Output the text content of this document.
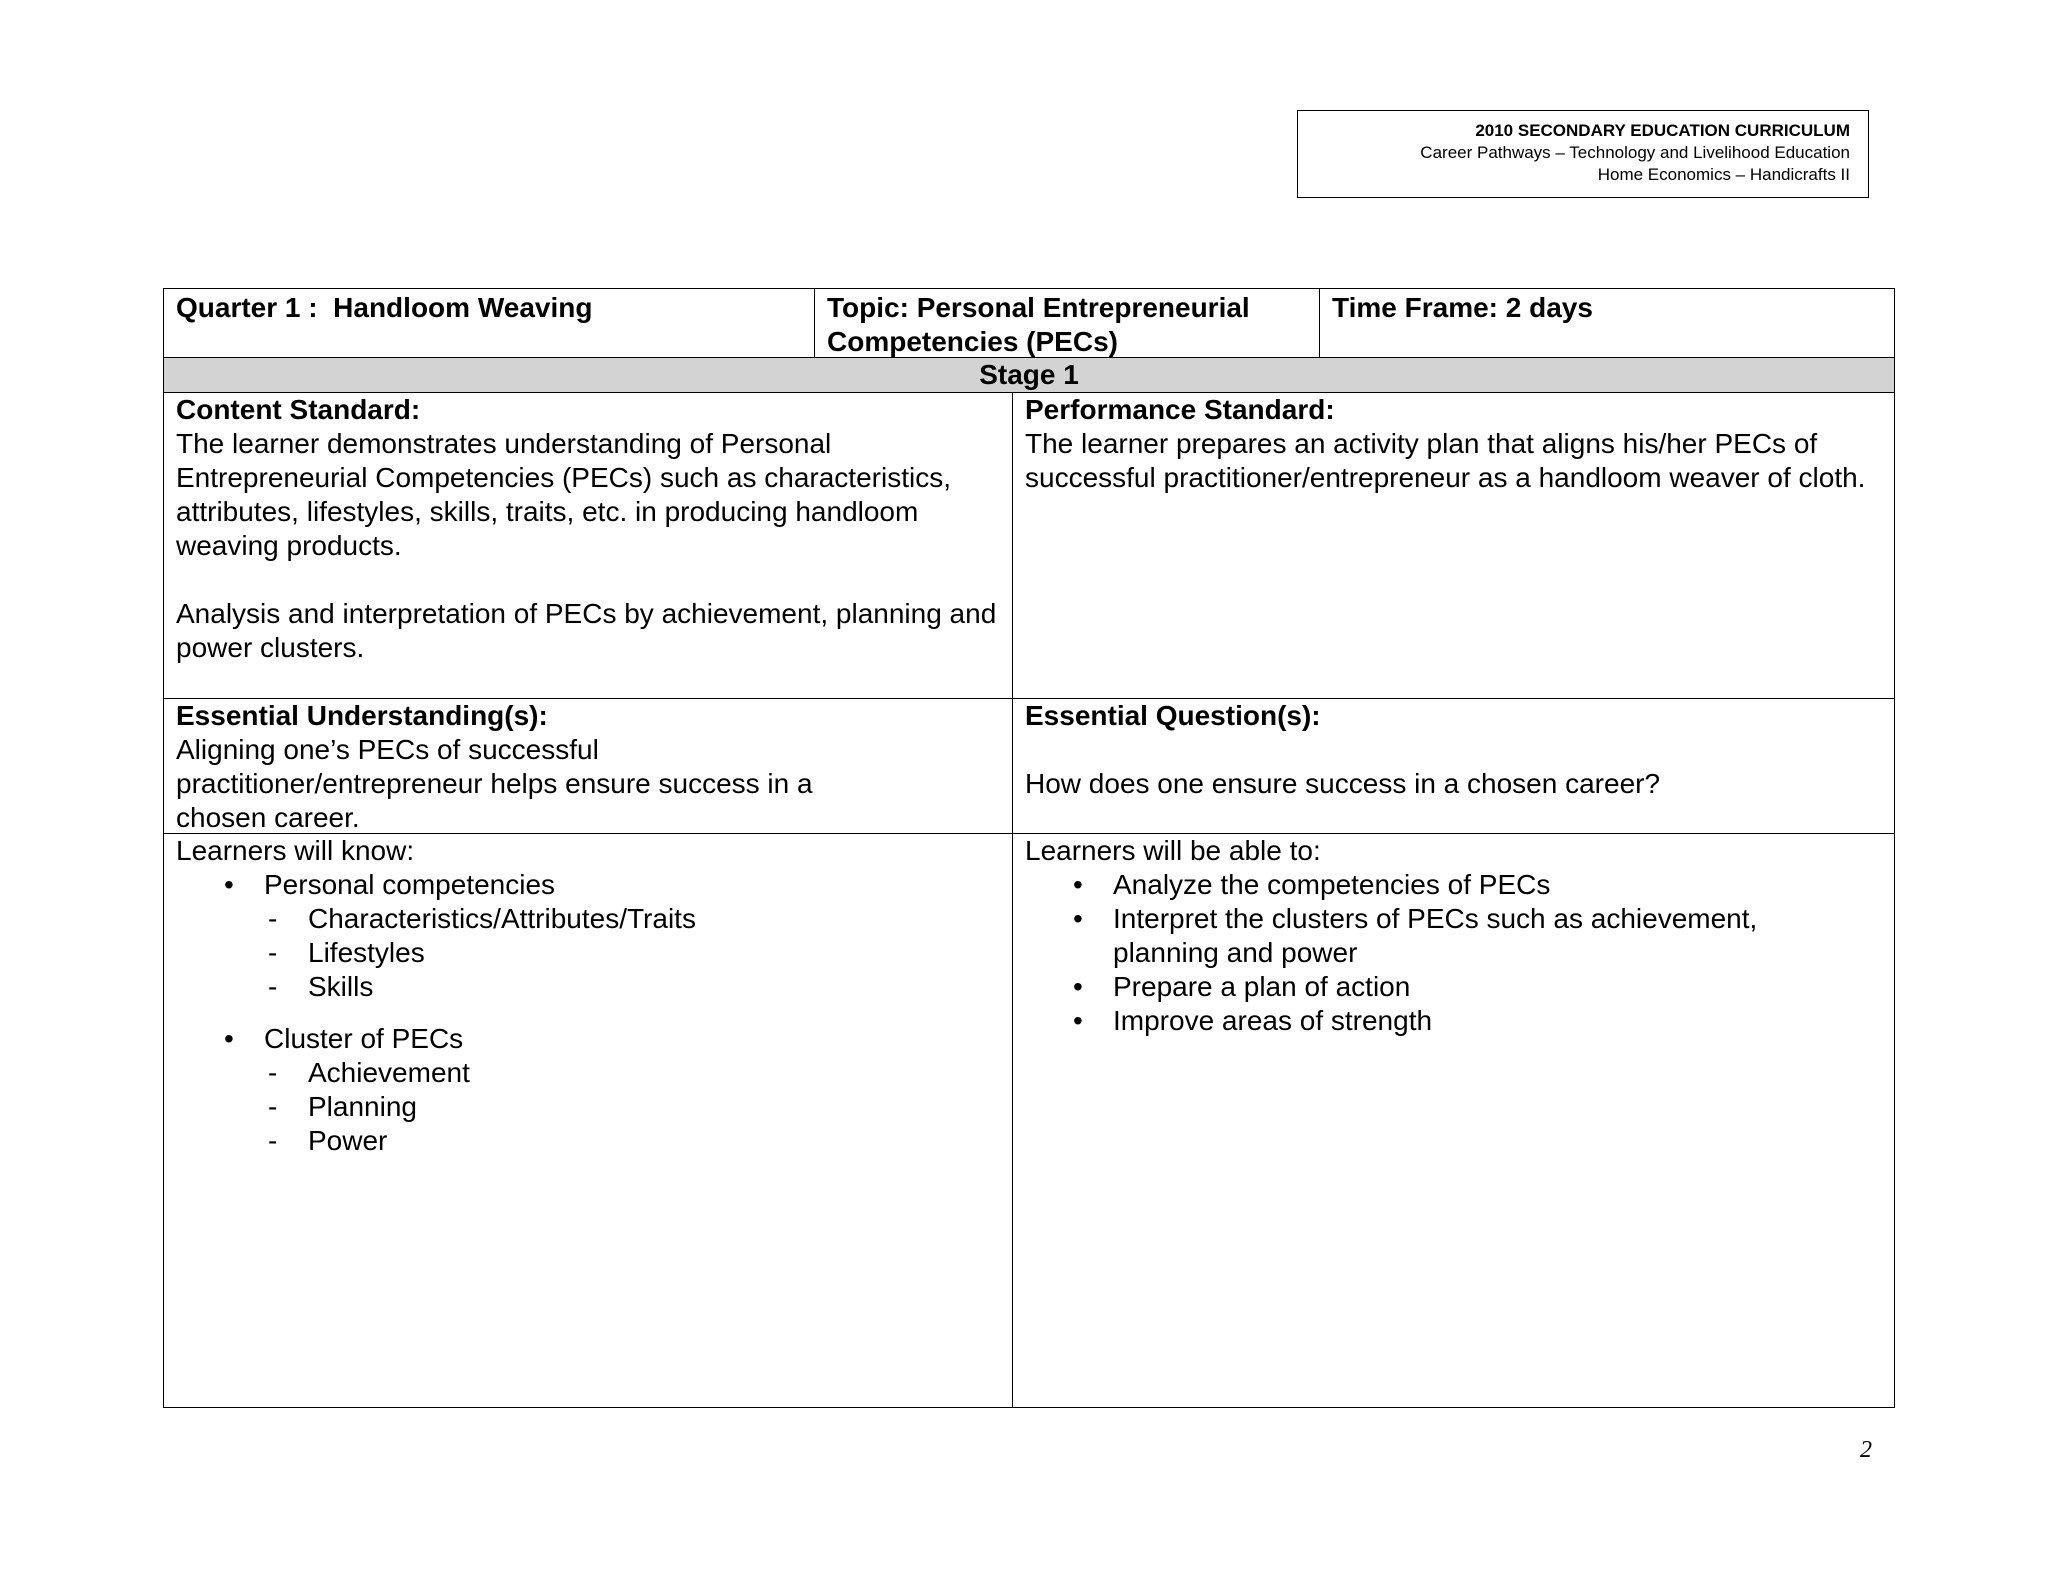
2010 SECONDARY EDUCATION CURRICULUM
Career Pathways – Technology and Livelihood Education
Home Economics – Handicrafts II
Quarter 1 :  Handloom Weaving	Topic: Personal Entrepreneurial
Competencies (PECs)
Time Frame: 2 days
Stage 1
Content Standard:
The learner demonstrates understanding of Personal Entrepreneurial Competencies (PECs) such as characteristics, attributes, lifestyles, skills, traits, etc. in producing handloom weaving products.
Analysis and interpretation of PECs by achievement, planning and power clusters.
Performance Standard:
The learner prepares an activity plan that aligns his/her PECs of successful practitioner/entrepreneur as a handloom weaver of cloth.
Essential Understanding(s):
Aligning one’s PECs of successful practitioner/entrepreneur helps ensure success in a chosen career.
Essential Question(s):
How does one ensure success in a chosen career?
Learners will know:
• Personal competencies
- Characteristics/Attributes/Traits
- Lifestyles
- Skills
• Cluster of PECs
- Achievement
- Planning
- Power
Learners will be able to:
• Analyze the competencies of PECs
• Interpret the clusters of PECs such as achievement, planning and power
• Prepare a plan of action
• Improve areas of strength
2
